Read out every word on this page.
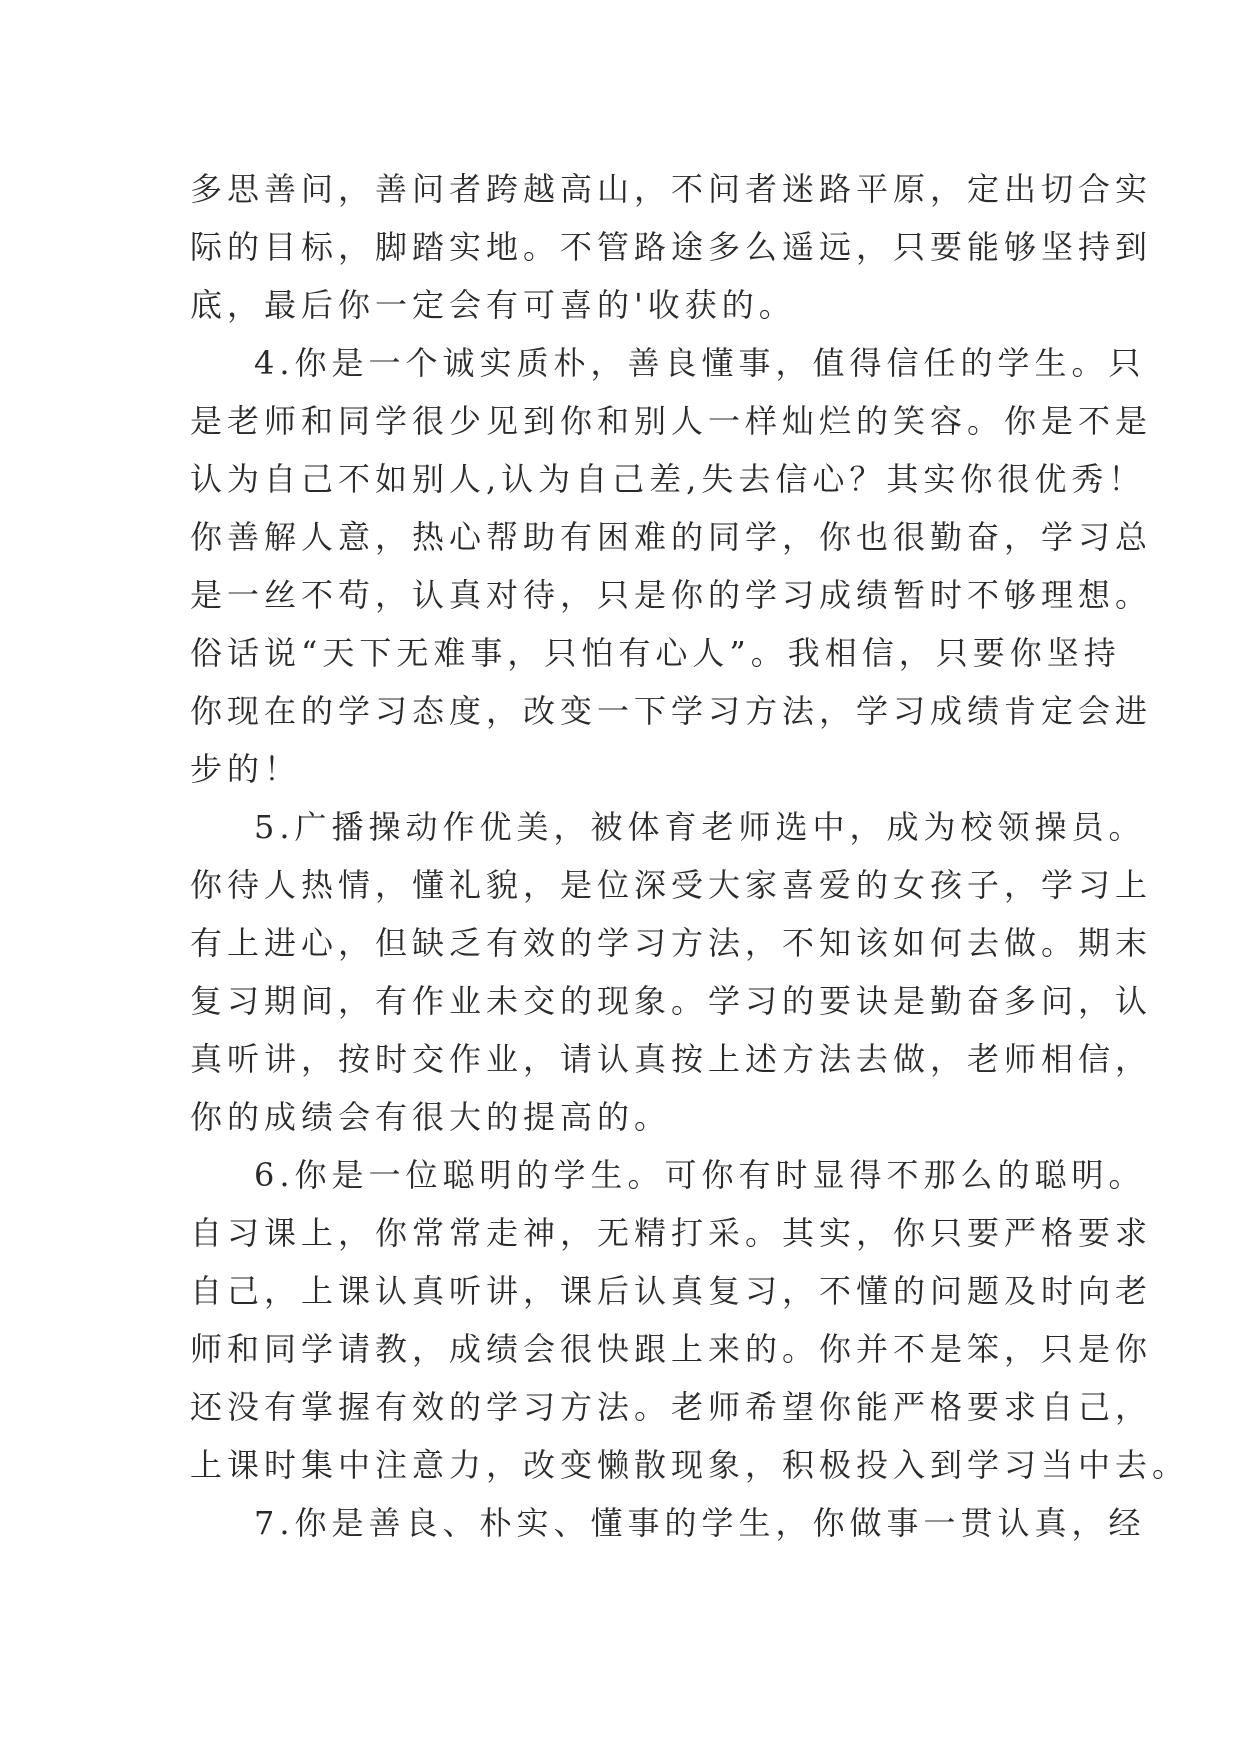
多思善问，善问者跨越高山，不问者迷路平原，定出切合实
际的目标，脚踏实地。不管路途多么遥远，只要能够坚持到
底，最后你一定会有可喜的'收获的。
4.你是一个诚实质朴，善良懂事，值得信任的学生。只
是老师和同学很少见到你和别人一样灿烂的笑容。你是不是
认为自己不如别人,认为自己差,失去信心？其实你很优秀！
你善解人意，热心帮助有困难的同学，你也很勤奋，学习总
是一丝不苟，认真对待，只是你的学习成绩暂时不够理想。
俗话说“天下无难事，只怕有心人”。我相信，只要你坚持
你现在的学习态度，改变一下学习方法，学习成绩肯定会进
步的！
5.广播操动作优美，被体育老师选中，成为校领操员。
你待人热情，懂礼貌，是位深受大家喜爱的女孩子，学习上
有上进心，但缺乏有效的学习方法，不知该如何去做。期末
复习期间，有作业未交的现象。学习的要诀是勤奋多问，认
真听讲，按时交作业，请认真按上述方法去做，老师相信，
你的成绩会有很大的提高的。
6.你是一位聪明的学生。可你有时显得不那么的聪明。
自习课上，你常常走神，无精打采。其实，你只要严格要求
自己，上课认真听讲，课后认真复习，不懂的问题及时向老
师和同学请教，成绩会很快跟上来的。你并不是笨，只是你
还没有掌握有效的学习方法。老师希望你能严格要求自己，
上课时集中注意力，改变懒散现象，积极投入到学习当中去。
7.你是善良、朴实、懂事的学生，你做事一贯认真，经
